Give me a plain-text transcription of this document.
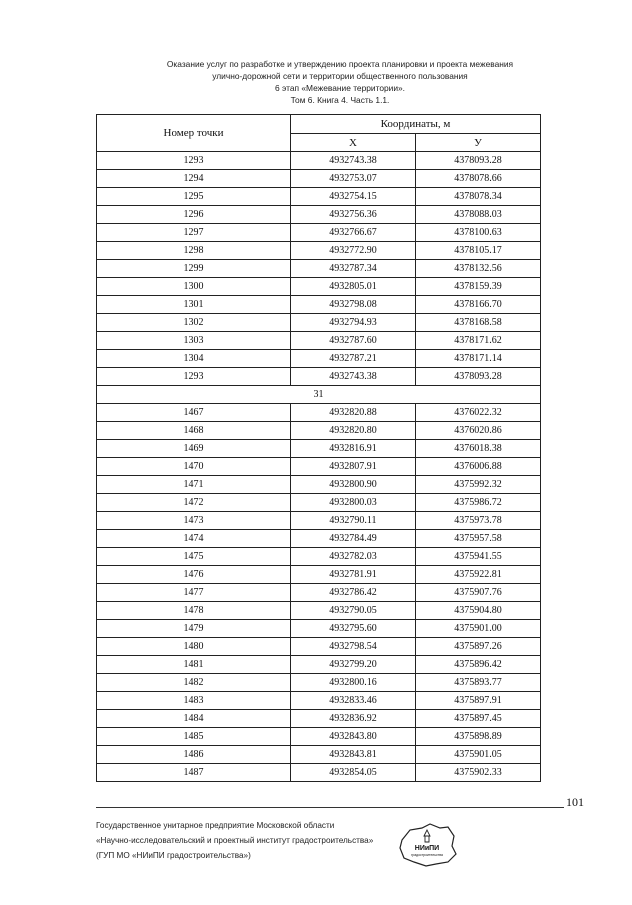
Оказание услуг по разработке и утверждению проекта планировки и проекта межевания
улично-дорожной сети и территории общественного пользования
6 этап «Межевание территории».
Том 6. Книга 4. Часть 1.1.
Номер точки	Координаты, м	
	X	У
1293	4932743.38	4378093.28
1294	4932753.07	4378078.66
1295	4932754.15	4378078.34
1296	4932756.36	4378088.03
1297	4932766.67	4378100.63
1298	4932772.90	4378105.17
1299	4932787.34	4378132.56
1300	4932805.01	4378159.39
1301	4932798.08	4378166.70
1302	4932794.93	4378168.58
1303	4932787.60	4378171.62
1304	4932787.21	4378171.14
1293	4932743.38	4378093.28
31		
1467	4932820.88	4376022.32
1468	4932820.80	4376020.86
1469	4932816.91	4376018.38
1470	4932807.91	4376006.88
1471	4932800.90	4375992.32
1472	4932800.03	4375986.72
1473	4932790.11	4375973.78
1474	4932784.49	4375957.58
1475	4932782.03	4375941.55
1476	4932781.91	4375922.81
1477	4932786.42	4375907.76
1478	4932790.05	4375904.80
1479	4932795.60	4375901.00
1480	4932798.54	4375897.26
1481	4932799.20	4375896.42
1482	4932800.16	4375893.77
1483	4932833.46	4375897.91
1484	4932836.92	4375897.45
1485	4932843.80	4375898.89
1486	4932843.81	4375901.05
1487	4932854.05	4375902.33
101
Государственное унитарное предприятие Московской области
«Научно-исследовательский и проектный институт градостроительства»
(ГУП МО «НИиПИ градостроительства»)
НИиПИ
градостроительства
